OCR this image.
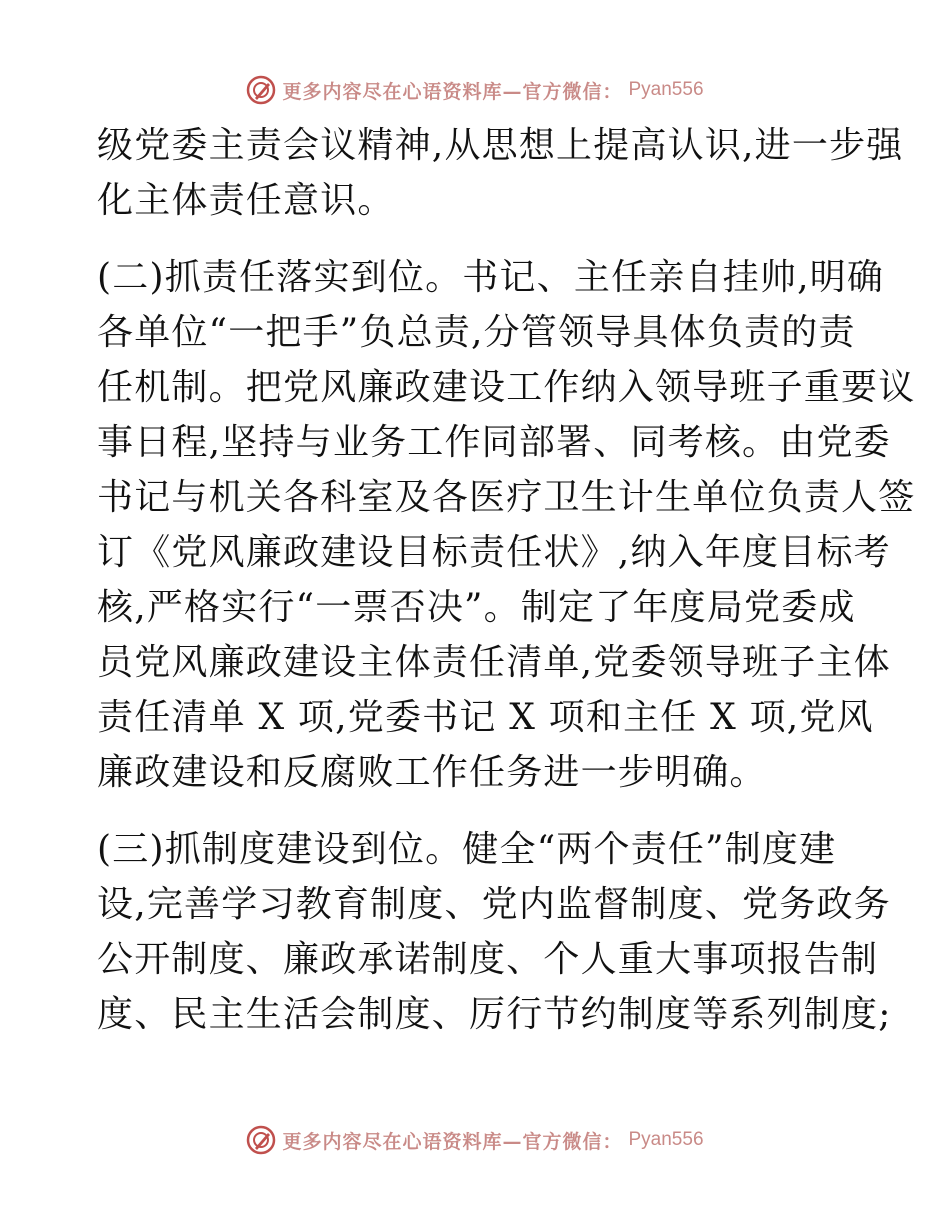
更多内容尽在心语资料库—官方微信： Pyan556
级党委主责会议精神,从思想上提高认识,进一步强
化主体责任意识。
(二)抓责任落实到位。书记、主任亲自挂帅,明确
各单位“一把手”负总责,分管领导具体负责的责
任机制。把党风廉政建设工作纳入领导班子重要议
事日程,坚持与业务工作同部署、同考核。由党委
书记与机关各科室及各医疗卫生计生单位负责人签
订《党风廉政建设目标责任状》,纳入年度目标考
核,严格实行“一票否决”。制定了年度局党委成
员党风廉政建设主体责任清单,党委领导班子主体
责任清单 X 项,党委书记 X 项和主任 X 项,党风
廉政建设和反腐败工作任务进一步明确。
(三)抓制度建设到位。健全“两个责任”制度建
设,完善学习教育制度、党内监督制度、党务政务
公开制度、廉政承诺制度、个人重大事项报告制
度、民主生活会制度、厉行节约制度等系列制度;
更多内容尽在心语资料库—官方微信： Pyan556
